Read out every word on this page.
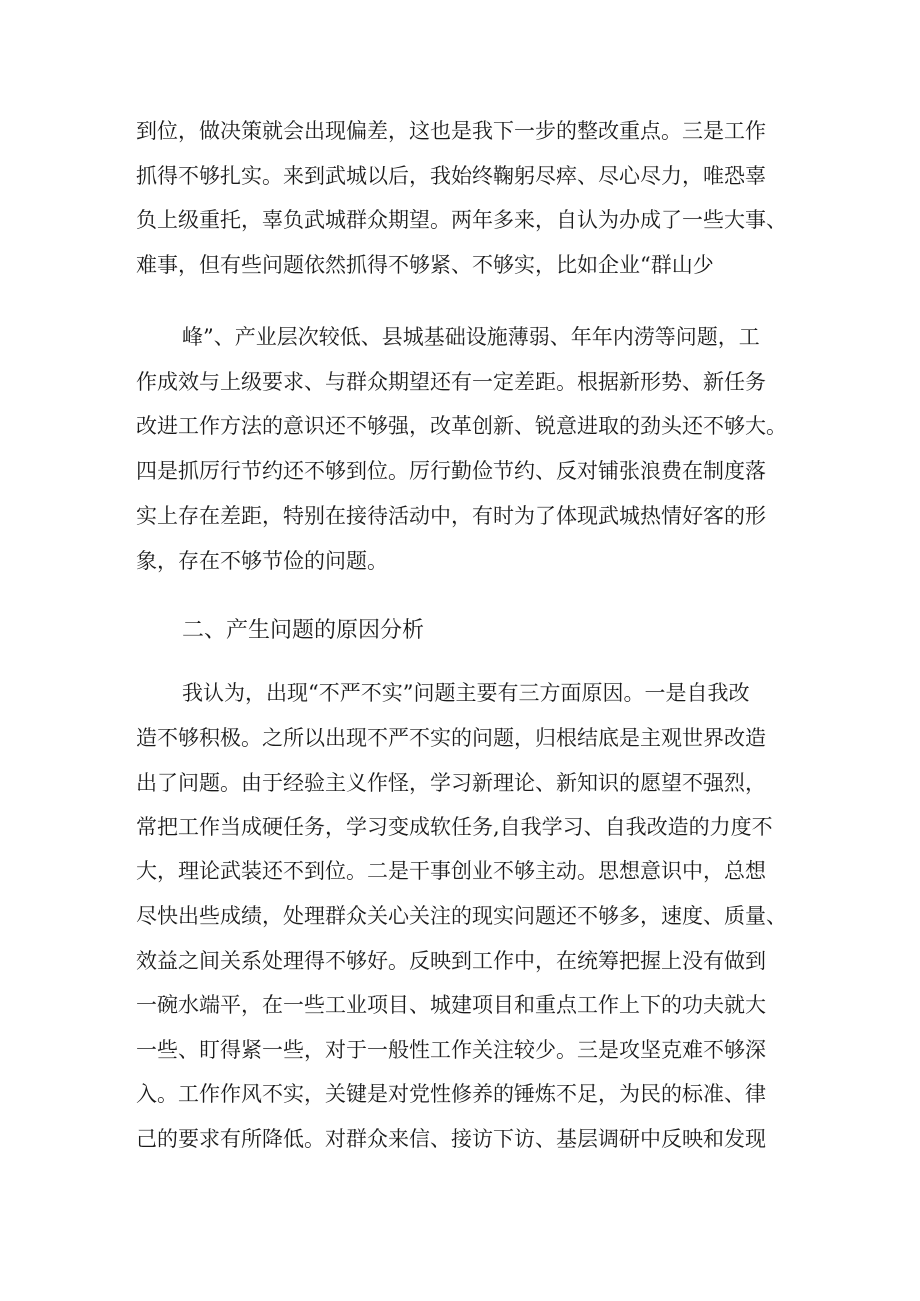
到位，做决策就会出现偏差，这也是我下一步的整改重点。三是工作
抓得不够扎实。来到武城以后，我始终鞠躬尽瘁、尽心尽力，唯恐辜
负上级重托，辜负武城群众期望。两年多来，自认为办成了一些大事、
难事，但有些问题依然抓得不够紧、不够实，比如企业“群山少
峰”、产业层次较低、县城基础设施薄弱、年年内涝等问题，工
作成效与上级要求、与群众期望还有一定差距。根据新形势、新任务
改进工作方法的意识还不够强，改革创新、锐意进取的劲头还不够大。
四是抓厉行节约还不够到位。厉行勤俭节约、反对铺张浪费在制度落
实上存在差距，特别在接待活动中，有时为了体现武城热情好客的形
象，存在不够节俭的问题。
二、产生问题的原因分析
我认为，出现“不严不实”问题主要有三方面原因。一是自我改
造不够积极。之所以出现不严不实的问题，归根结底是主观世界改造
出了问题。由于经验主义作怪，学习新理论、新知识的愿望不强烈，
常把工作当成硬任务，学习变成软任务,自我学习、自我改造的力度不
大，理论武装还不到位。二是干事创业不够主动。思想意识中，总想
尽快出些成绩，处理群众关心关注的现实问题还不够多，速度、质量、
效益之间关系处理得不够好。反映到工作中，在统筹把握上没有做到
一碗水端平，在一些工业项目、城建项目和重点工作上下的功夫就大
一些、盯得紧一些，对于一般性工作关注较少。三是攻坚克难不够深
入。工作作风不实，关键是对党性修养的锤炼不足，为民的标准、律
己的要求有所降低。对群众来信、接访下访、基层调研中反映和发现
